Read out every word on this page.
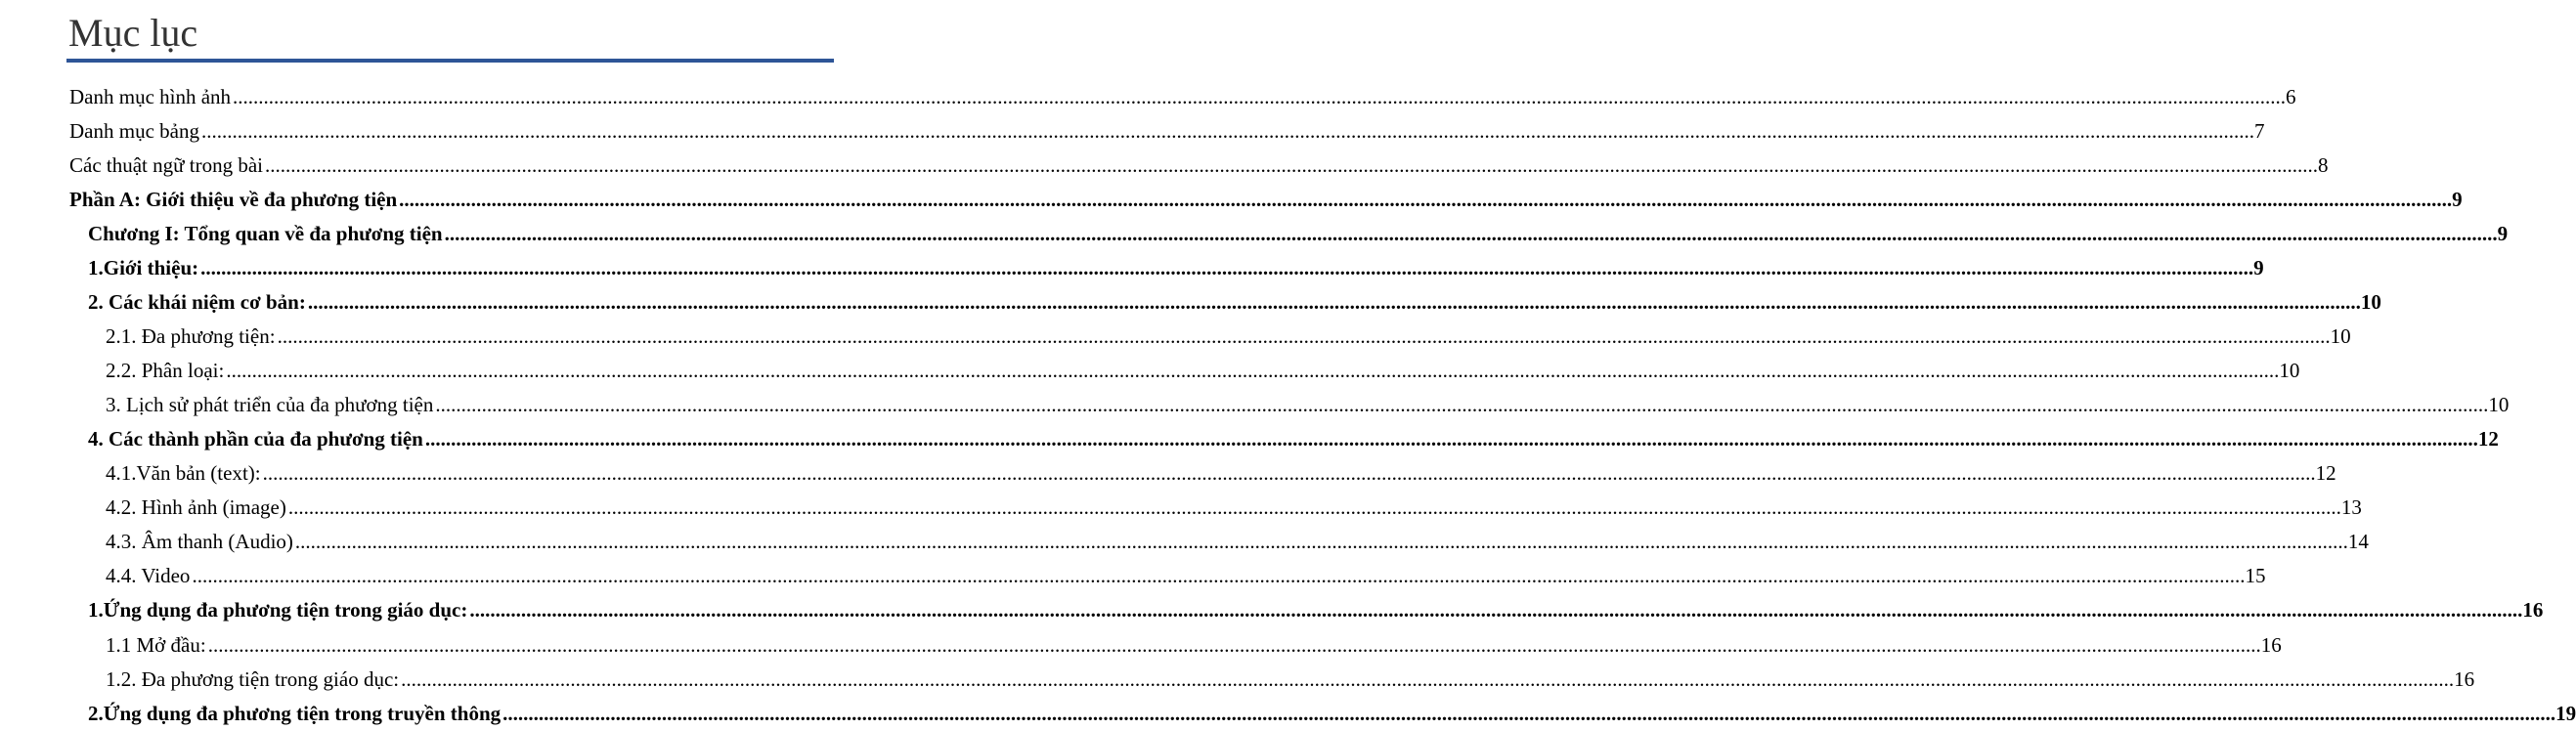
Mục lục
Danh mục hình ảnh ................................................................................................................................................................................................................................................................................................................................................................................................................ 6
Danh mục bảng ................................................................................................................................................................................................................................................................................................................................................................................................................ 7
Các thuật ngữ trong bài ................................................................................................................................................................................................................................................................................................................................................................................................................ 8
Phần A: Giới thiệu về đa phương tiện ................................................................................................................................................................................................................................................................................................................................................................................................................ 9
Chương I: Tổng quan về đa phương tiện ................................................................................................................................................................................................................................................................................................................................................................................................................ 9
1.Giới thiệu: ................................................................................................................................................................................................................................................................................................................................................................................................................ 9
2. Các khái niệm cơ bản: ................................................................................................................................................................................................................................................................................................................................................................................................................ 10
2.1. Đa phương tiện: ................................................................................................................................................................................................................................................................................................................................................................................................................ 10
2.2. Phân loại: ................................................................................................................................................................................................................................................................................................................................................................................................................ 10
3. Lịch sử phát triển của đa phương tiện ................................................................................................................................................................................................................................................................................................................................................................................................................ 10
4. Các thành phần của đa phương tiện ................................................................................................................................................................................................................................................................................................................................................................................................................ 12
4.1.Văn bản (text): ................................................................................................................................................................................................................................................................................................................................................................................................................ 12
4.2. Hình ảnh (image) ................................................................................................................................................................................................................................................................................................................................................................................................................ 13
4.3. Âm thanh (Audio) ................................................................................................................................................................................................................................................................................................................................................................................................................ 14
4.4. Video ................................................................................................................................................................................................................................................................................................................................................................................................................ 15
1.Ứng dụng đa phương tiện trong giáo dục: ................................................................................................................................................................................................................................................................................................................................................................................................................ 16
1.1 Mở đầu: ................................................................................................................................................................................................................................................................................................................................................................................................................ 16
1.2. Đa phương tiện trong giáo dục: ................................................................................................................................................................................................................................................................................................................................................................................................................ 16
2.Ứng dụng đa phương tiện trong truyền thông ................................................................................................................................................................................................................................................................................................................................................................................................................ 19
